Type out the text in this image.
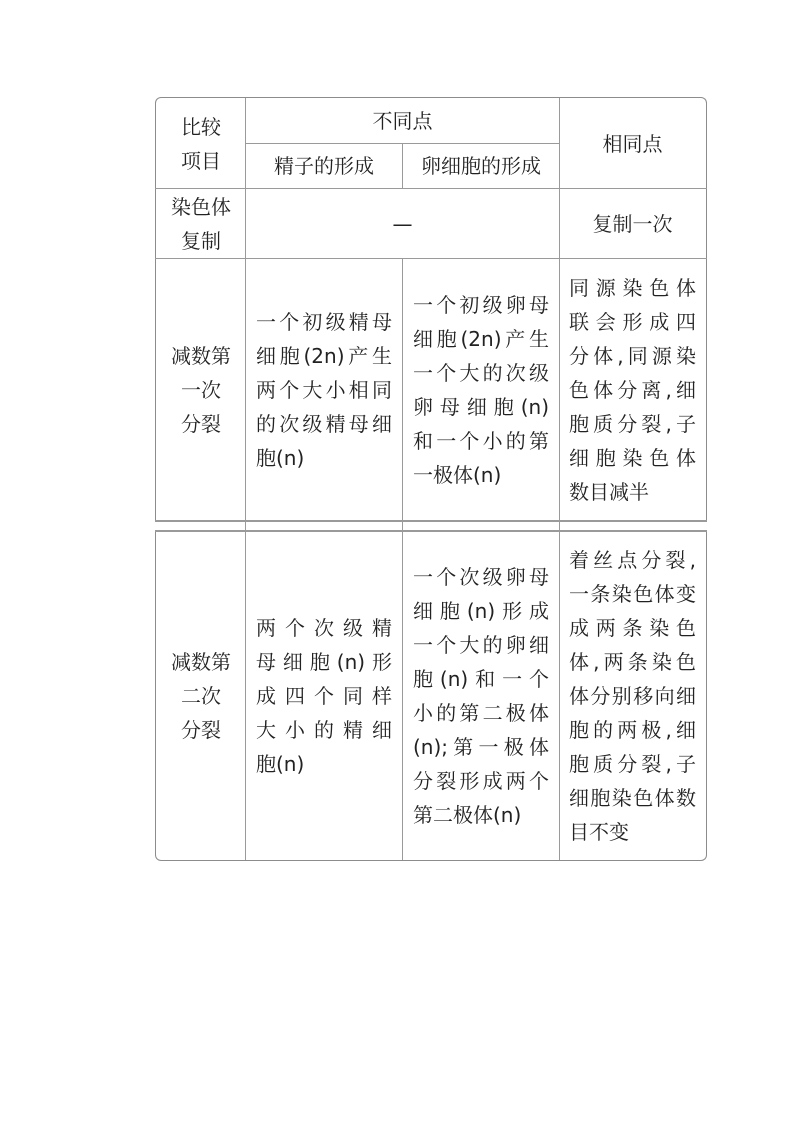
比较
项目
不同点
精子的形成	卵细胞的形成
相同点
染色体
复制
—	复制一次
减数第
一次
分裂
一个初级精母
细胞(2n)产生
两个大小相同
的次级精母细
胞(n)
一个初级卵母
细胞(2n)产生
一个大的次级
卵母细胞(n)
和一个小的第
一极体(n)
同源染色体
联会形成四
分体,同源染
色体分离,细
胞质分裂,子
细胞染色体
数目减半
减数第
二次
分裂
两个次级精
母细胞(n)形
成四个同样
大小的精细
胞(n)
一个次级卵母
细胞(n)形成
一个大的卵细
胞(n)和一个
小的第二极体
(n);第一极体
分裂形成两个
第二极体(n)
着丝点分裂,
一条染色体变
成两条染色
体,两条染色
体分别移向细
胞的两极,细
胞质分裂,子
细胞染色体数
目不变
